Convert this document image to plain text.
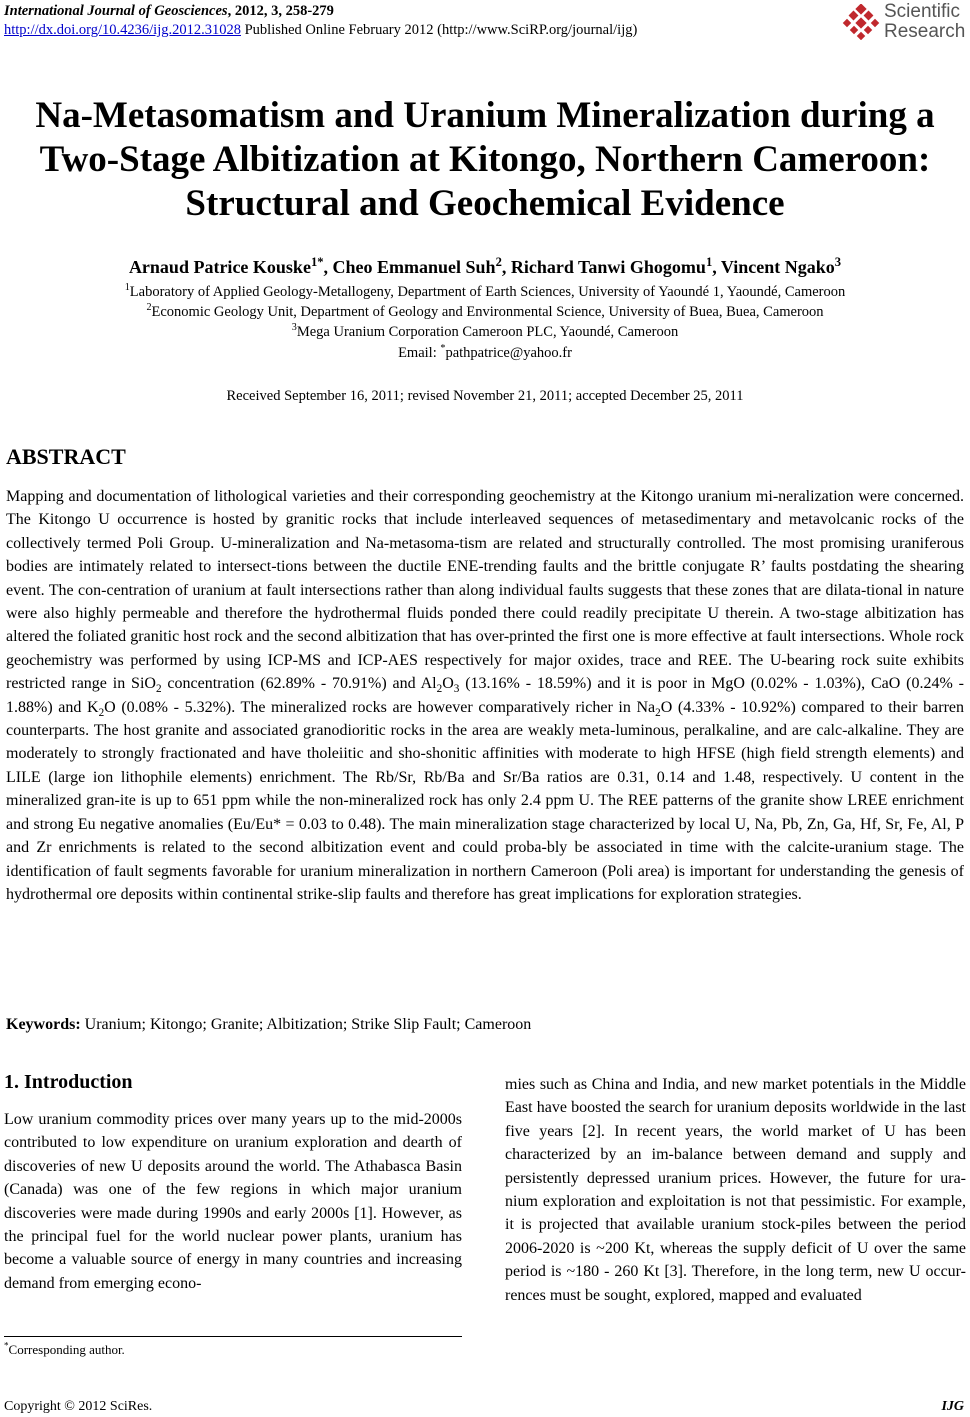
International Journal of Geosciences, 2012, 3, 258-279
http://dx.doi.org/10.4236/ijg.2012.31028 Published Online February 2012 (http://www.SciRP.org/journal/ijg)
Scientific
Research
Na-Metasomatism and Uranium Mineralization during a
Two-Stage Albitization at Kitongo, Northern Cameroon:
Structural and Geochemical Evidence
Arnaud Patrice Kouske$^{1*}$, Cheo Emmanuel Suh$^2$, Richard Tanwi Ghogomu$^1$, Vincent Ngako$^3$
$^1$Laboratory of Applied Geology-Metallogeny, Department of Earth Sciences, University of Yaoundé 1, Yaoundé, Cameroon
$^2$Economic Geology Unit, Department of Geology and Environmental Science, University of Buea, Buea, Cameroon
$^3$Mega Uranium Corporation Cameroon PLC, Yaoundé, Cameroon
Email: *pathpatrice@yahoo.fr
Received September 16, 2011; revised November 21, 2011; accepted December 25, 2011
ABSTRACT
Mapping and documentation of lithological varieties and their corresponding geochemistry at the Kitongo uranium mi-neralization were concerned. The Kitongo U occurrence is hosted by granitic rocks that include interleaved sequences of metasedimentary and metavolcanic rocks of the collectively termed Poli Group. U-mineralization and Na-metasoma-tism are related and structurally controlled. The most promising uraniferous bodies are intimately related to intersect-tions between the ductile ENE-trending faults and the brittle conjugate R’ faults postdating the shearing event. The con-centration of uranium at fault intersections rather than along individual faults suggests that these zones that are dilata-tional in nature were also highly permeable and therefore the hydrothermal fluids ponded there could readily precipitate U therein. A two-stage albitization has altered the foliated granitic host rock and the second albitization that has over-printed the first one is more effective at fault intersections. Whole rock geochemistry was performed by using ICP-MS and ICP-AES respectively for major oxides, trace and REE. The U-bearing rock suite exhibits restricted range in SiO$_2$ concentration (62.89% - 70.91%) and $Al_2O_3$ (13.16% - 18.59%) and it is poor in MgO (0.02% - 1.03%), CaO (0.24% - 1.88%) and $K_2O$ (0.08% - 5.32%). The mineralized rocks are however comparatively richer in $Na_2O$ (4.33% - 10.92%) compared to their barren counterparts. The host granite and associated granodioritic rocks in the area are weakly meta-luminous, peralkaline, and are calc-alkaline. They are moderately to strongly fractionated and have tholeiitic and sho-shonitic affinities with moderate to high HFSE (high field strength elements) and LILE (large ion lithophile elements) enrichment. The Rb/Sr, Rb/Ba and Sr/Ba ratios are 0.31, 0.14 and 1.48, respectively. U content in the mineralized gran-ite is up to 651 ppm while the non-mineralized rock has only 2.4 ppm U. The REE patterns of the granite show LREE enrichment and strong Eu negative anomalies (Eu/Eu* = 0.03 to 0.48). The main mineralization stage characterized by local U, Na, Pb, Zn, Ga, Hf, Sr, Fe, Al, P and Zr enrichments is related to the second albitization event and could proba-bly be associated in time with the calcite-uranium stage. The identification of fault segments favorable for uranium mineralization in northern Cameroon (Poli area) is important for understanding the genesis of hydrothermal ore deposits within continental strike-slip faults and therefore has great implications for exploration strategies.
Keywords: Uranium; Kitongo; Granite; Albitization; Strike Slip Fault; Cameroon
1. Introduction
Low uranium commodity prices over many years up to the mid-2000s contributed to low expenditure on uranium exploration and dearth of discoveries of new U deposits around the world. The Athabasca Basin (Canada) was one of the few regions in which major uranium discoveries were made during 1990s and early 2000s [1]. However, as the principal fuel for the world nuclear power plants, uranium has become a valuable source of energy in many countries and increasing demand from emerging econo-
mies such as China and India, and new market potentials in the Middle East have boosted the search for uranium deposits worldwide in the last five years [2]. In recent years, the world market of U has been characterized by an im-balance between demand and supply and persistently depressed uranium prices. However, the future for ura-nium exploration and exploitation is not that pessimistic. For example, it is projected that available uranium stock-piles between the period 2006-2020 is ~200 Kt, whereas the supply deficit of U over the same period is ~180 - 260 Kt [3]. Therefore, in the long term, new U occur-rences must be sought, explored, mapped and evaluated
*Corresponding author.
Copyright © 2012 SciRes.	IJG
